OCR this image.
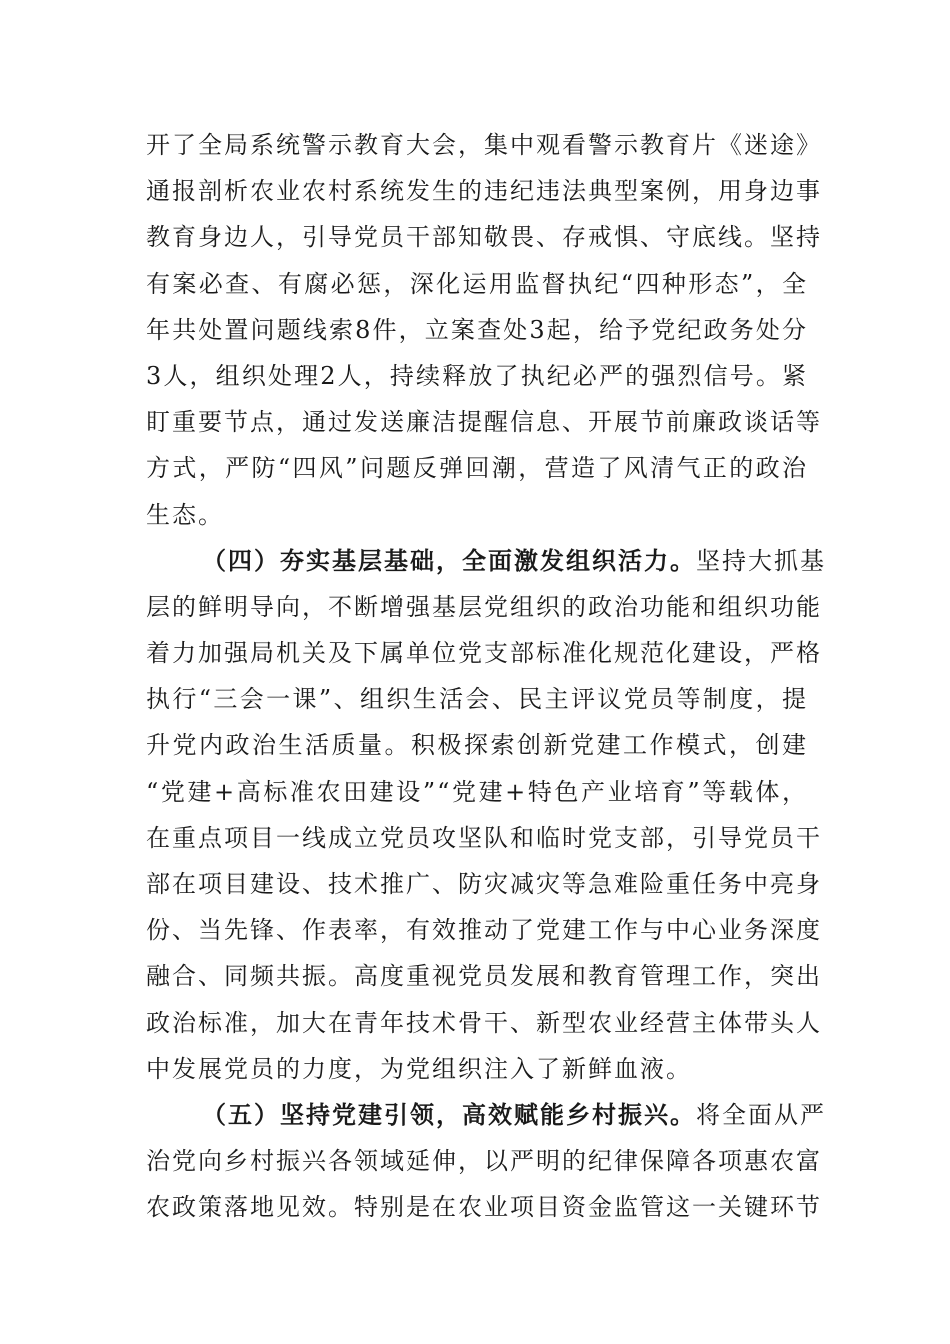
开了全局系统警示教育大会，集中观看警示教育片《迷途》
通报剖析农业农村系统发生的违纪违法典型案例，用身边事
教育身边人，引导党员干部知敬畏、存戒惧、守底线。坚持
有案必查、有腐必惩，深化运用监督执纪“四种形态”，全
年共处置问题线索8件，立案查处3起，给予党纪政务处分
3人，组织处理2人，持续释放了执纪必严的强烈信号。紧
盯重要节点，通过发送廉洁提醒信息、开展节前廉政谈话等
方式，严防“四风”问题反弹回潮，营造了风清气正的政治
生态。
（四）夯实基层基础，全面激发组织活力。坚持大抓基
层的鲜明导向，不断增强基层党组织的政治功能和组织功能
着力加强局机关及下属单位党支部标准化规范化建设，严格
执行“三会一课”、组织生活会、民主评议党员等制度，提
升党内政治生活质量。积极探索创新党建工作模式，创建
“党建+高标准农田建设”“党建+特色产业培育”等载体，
在重点项目一线成立党员攻坚队和临时党支部，引导党员干
部在项目建设、技术推广、防灾减灾等急难险重任务中亮身
份、当先锋、作表率，有效推动了党建工作与中心业务深度
融合、同频共振。高度重视党员发展和教育管理工作，突出
政治标准，加大在青年技术骨干、新型农业经营主体带头人
中发展党员的力度，为党组织注入了新鲜血液。
（五）坚持党建引领，高效赋能乡村振兴。将全面从严
治党向乡村振兴各领域延伸，以严明的纪律保障各项惠农富
农政策落地见效。特别是在农业项目资金监管这一关键环节
